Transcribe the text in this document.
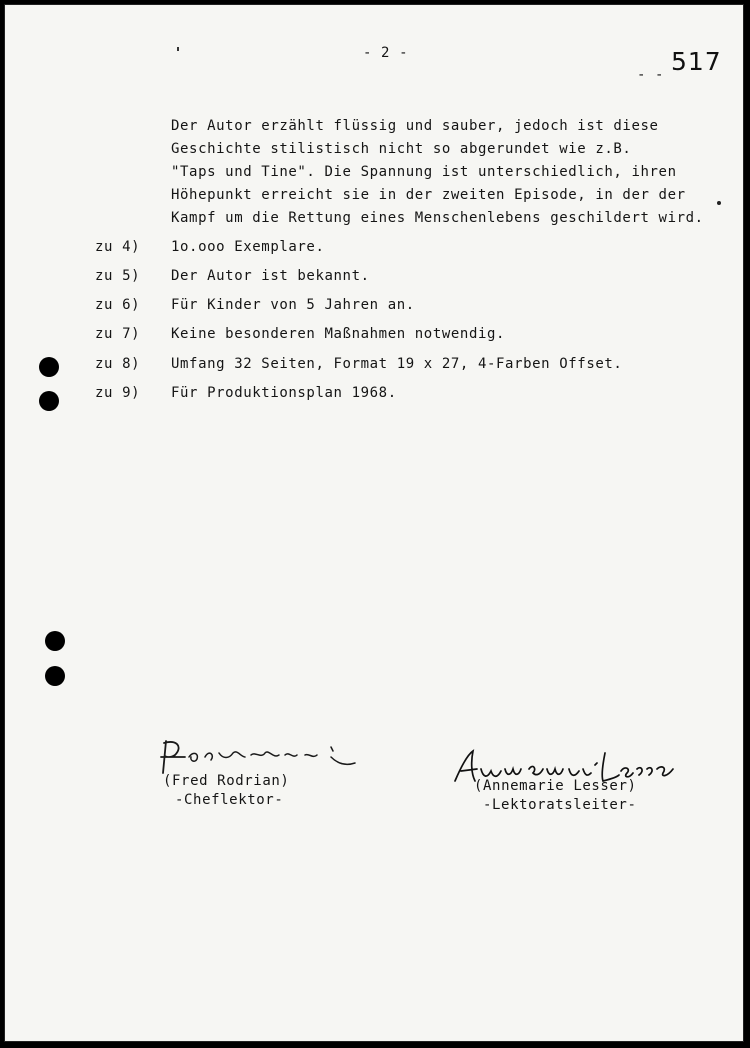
- 2 -	517
- -
Der Autor erzählt flüssig und sauber, jedoch ist diese
Geschichte stilistisch nicht so abgerundet wie z.B.
"Taps und Tine". Die Spannung ist unterschiedlich, ihren
Höhepunkt erreicht sie in der zweiten Episode, in der der
Kampf um die Rettung eines Menschenlebens geschildert wird.
zu 4) 1o.ooo Exemplare.
zu 5) Der Autor ist bekannt.
zu 6) Für Kinder von 5 Jahren an.
zu 7) Keine besonderen Maßnahmen notwendig.
zu 8) Umfang 32 Seiten, Format 19 x 27, 4-Farben Offset.
zu 9) Für Produktionsplan 1968.
(Fred Rodrian)
-Cheflektor-
(Annemarie Lesser)
-Lektoratsleiter-
